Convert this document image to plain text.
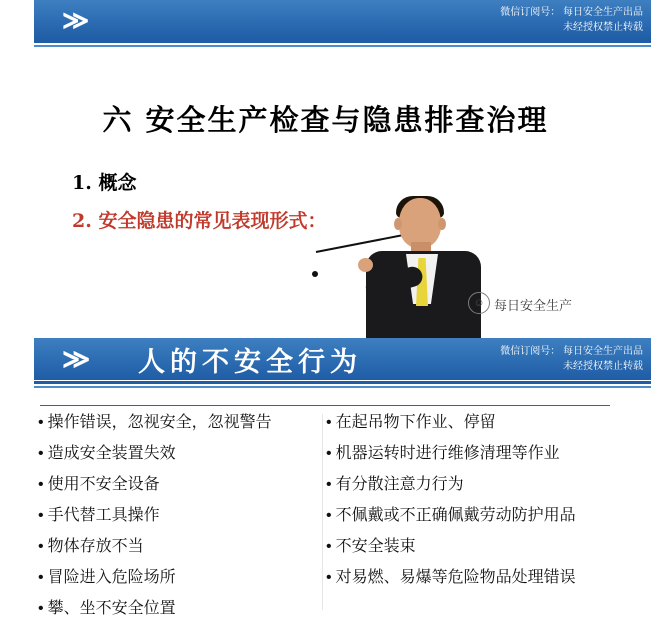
≫	微信订阅号： 每日安全生产出品
未经授权禁止转载
六 安全生产检查与隐患排查治理
1. 概念
2. 安全隐患的常见表现形式：
☺ 每日安全生产
≫	人的不安全行为	微信订阅号： 每日安全生产出品
未经授权禁止转载
• 操作错误，忽视安全，忽视警告
• 造成安全装置失效
• 使用不安全设备
• 手代替工具操作
• 物体存放不当
• 冒险进入危险场所
• 攀、坐不安全位置
• 在起吊物下作业、停留
• 机器运转时进行维修清理等作业
• 有分散注意力行为
• 不佩戴或不正确佩戴劳动防护用品
• 不安全装束
• 对易燃、易爆等危险物品处理错误
